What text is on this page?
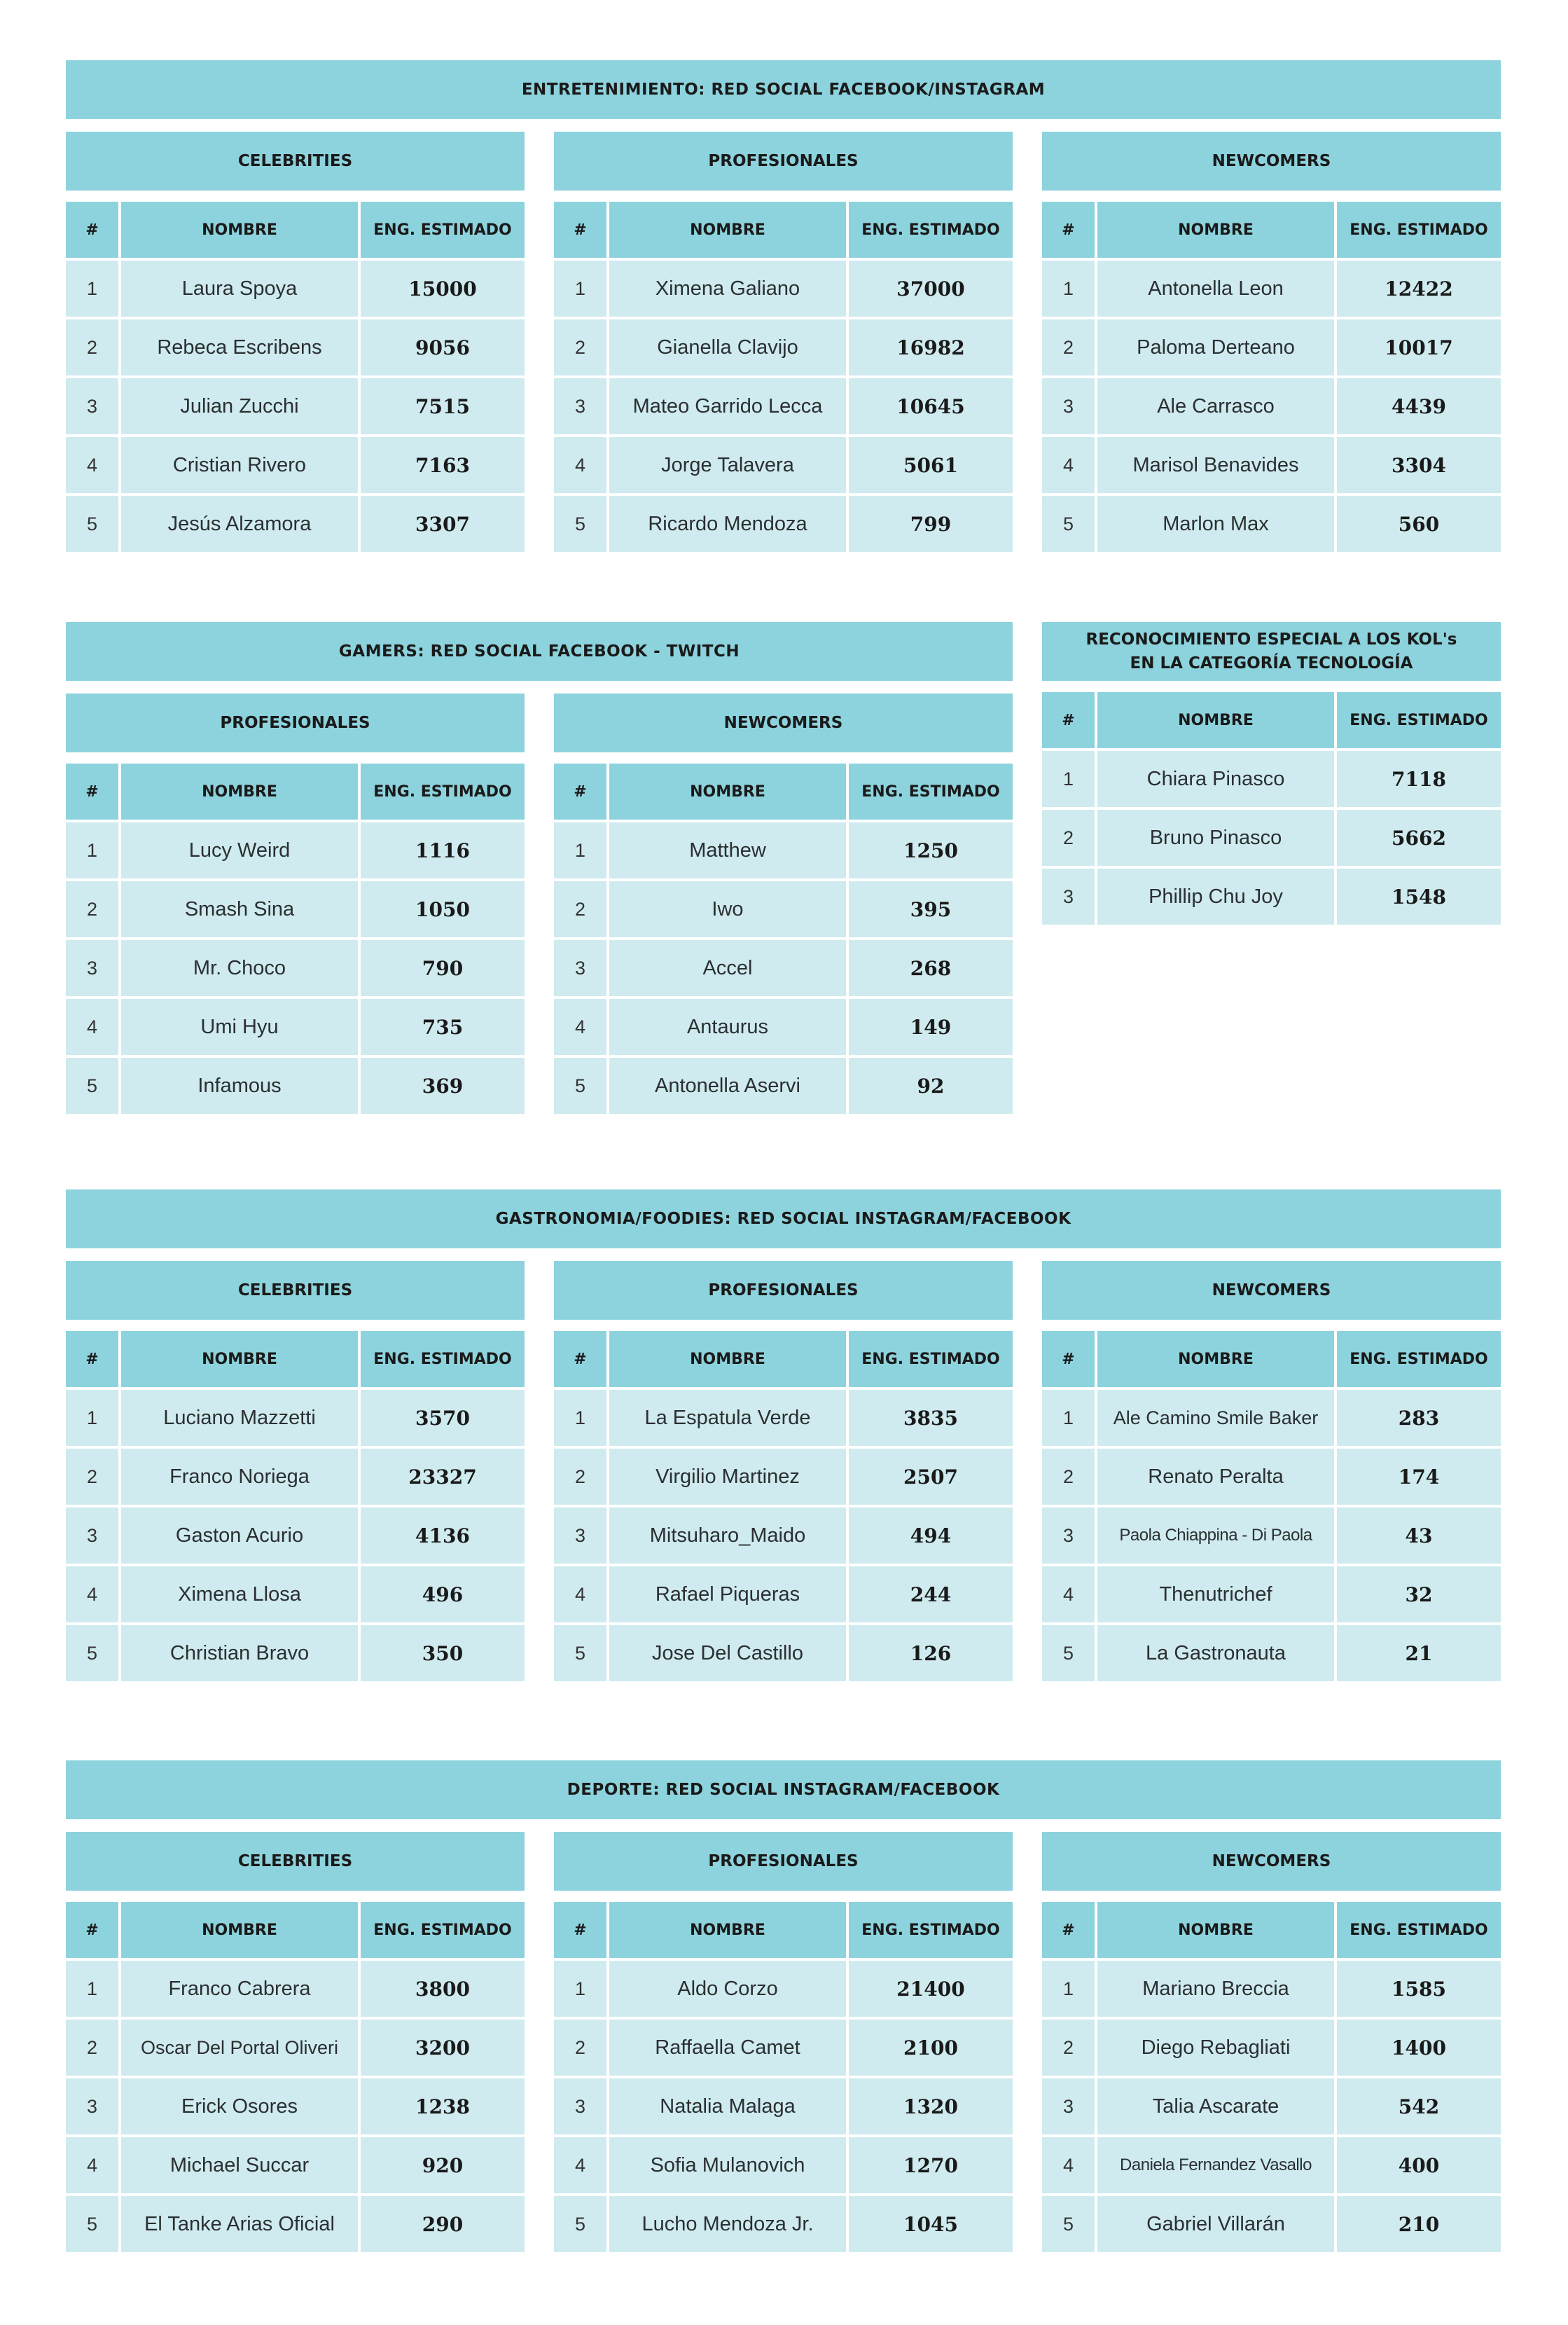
ENTRETENIMIENTO: RED SOCIAL FACEBOOK/INSTAGRAM
CELEBRITIES
#	NOMBRE	ENG. ESTIMADO
1	Laura Spoya	15000
2	Rebeca Escribens	9056
3	Julian Zucchi	7515
4	Cristian Rivero	7163
5	Jesús Alzamora	3307
PROFESIONALES
#	NOMBRE	ENG. ESTIMADO
1	Ximena Galiano	37000
2	Gianella Clavijo	16982
3	Mateo Garrido Lecca	10645
4	Jorge Talavera	5061
5	Ricardo Mendoza	799
NEWCOMERS
#	NOMBRE	ENG. ESTIMADO
1	Antonella Leon	12422
2	Paloma Derteano	10017
3	Ale Carrasco	4439
4	Marisol Benavides	3304
5	Marlon Max	560
GAMERS: RED SOCIAL FACEBOOK - TWITCH
PROFESIONALES
#	NOMBRE	ENG. ESTIMADO
1	Lucy Weird	1116
2	Smash Sina	1050
3	Mr. Choco	790
4	Umi Hyu	735
5	Infamous	369
NEWCOMERS
#	NOMBRE	ENG. ESTIMADO
1	Matthew	1250
2	Iwo	395
3	Accel	268
4	Antaurus	149
5	Antonella Aservi	92
RECONOCIMIENTO ESPECIAL A LOS KOL's
EN LA CATEGORÍA TECNOLOGÍA
#	NOMBRE	ENG. ESTIMADO
1	Chiara Pinasco	7118
2	Bruno Pinasco	5662
3	Phillip Chu Joy	1548
GASTRONOMIA/FOODIES: RED SOCIAL INSTAGRAM/FACEBOOK
CELEBRITIES
#	NOMBRE	ENG. ESTIMADO
1	Luciano Mazzetti	3570
2	Franco Noriega	23327
3	Gaston Acurio	4136
4	Ximena Llosa	496
5	Christian Bravo	350
PROFESIONALES
#	NOMBRE	ENG. ESTIMADO
1	La Espatula Verde	3835
2	Virgilio Martinez	2507
3	Mitsuharo_Maido	494
4	Rafael Piqueras	244
5	Jose Del Castillo	126
NEWCOMERS
#	NOMBRE	ENG. ESTIMADO
1	Ale Camino Smile Baker	283
2	Renato Peralta	174
3	Paola Chiappina - Di Paola	43
4	Thenutrichef	32
5	La Gastronauta	21
DEPORTE: RED SOCIAL INSTAGRAM/FACEBOOK
CELEBRITIES
#	NOMBRE	ENG. ESTIMADO
1	Franco Cabrera	3800
2	Oscar Del Portal Oliveri	3200
3	Erick Osores	1238
4	Michael Succar	920
5	El Tanke Arias Oficial	290
PROFESIONALES
#	NOMBRE	ENG. ESTIMADO
1	Aldo Corzo	21400
2	Raffaella Camet	2100
3	Natalia Malaga	1320
4	Sofia Mulanovich	1270
5	Lucho Mendoza Jr.	1045
NEWCOMERS
#	NOMBRE	ENG. ESTIMADO
1	Mariano Breccia	1585
2	Diego Rebagliati	1400
3	Talia Ascarate	542
4	Daniela Fernandez Vasallo	400
5	Gabriel Villarán	210
